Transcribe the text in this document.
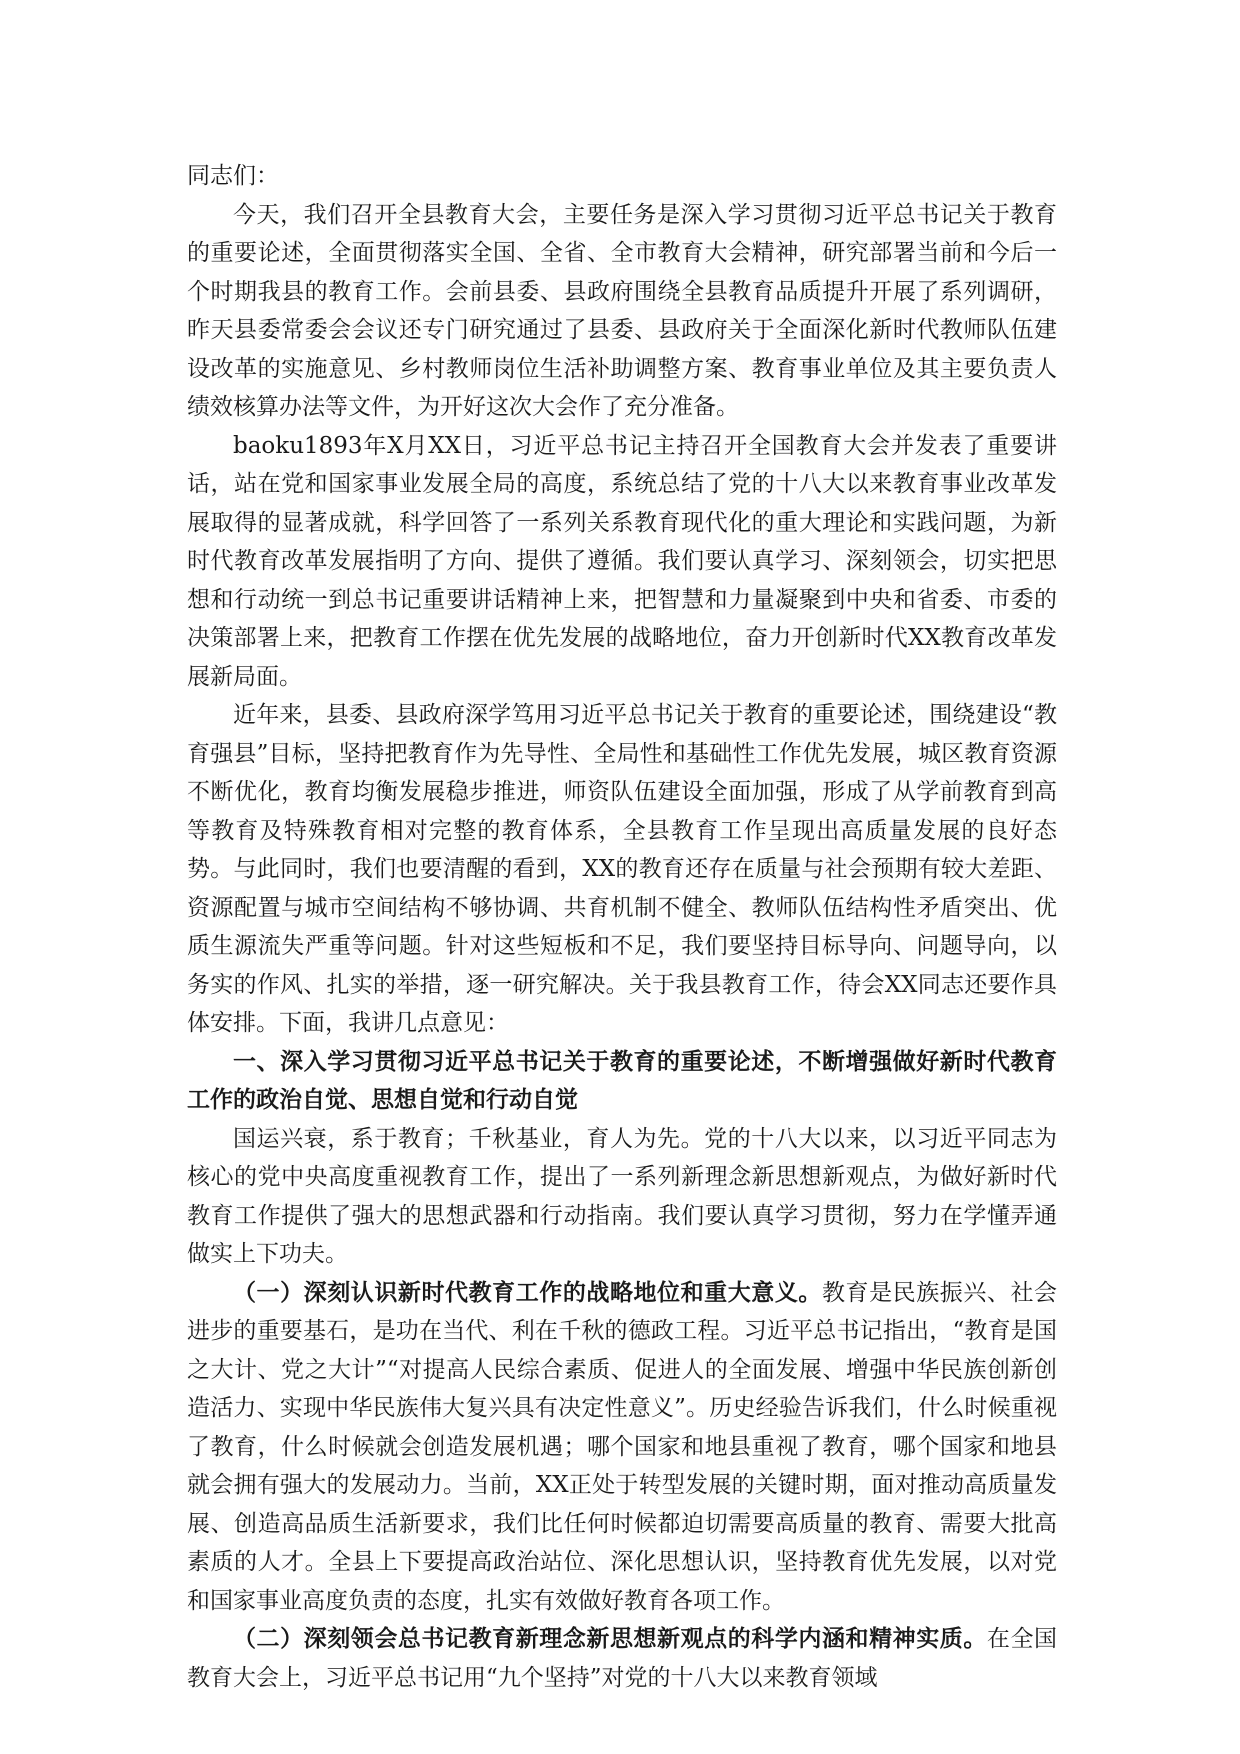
同志们：

今天，我们召开全县教育大会，主要任务是深入学习贯彻习近平总书记关于教育的重要论述，全面贯彻落实全国、全省、全市教育大会精神，研究部署当前和今后一个时期我县的教育工作。会前县委、县政府围绕全县教育品质提升开展了系列调研，昨天县委常委会会议还专门研究通过了县委、县政府关于全面深化新时代教师队伍建设改革的实施意见、乡村教师岗位生活补助调整方案、教育事业单位及其主要负责人绩效核算办法等文件，为开好这次大会作了充分准备。

baoku1893年X月XX日，习近平总书记主持召开全国教育大会并发表了重要讲话，站在党和国家事业发展全局的高度，系统总结了党的十八大以来教育事业改革发展取得的显著成就，科学回答了一系列关系教育现代化的重大理论和实践问题，为新时代教育改革发展指明了方向、提供了遵循。我们要认真学习、深刻领会，切实把思想和行动统一到总书记重要讲话精神上来，把智慧和力量凝聚到中央和省委、市委的决策部署上来，把教育工作摆在优先发展的战略地位，奋力开创新时代XX教育改革发展新局面。

近年来，县委、县政府深学笃用习近平总书记关于教育的重要论述，围绕建设“教育强县”目标，坚持把教育作为先导性、全局性和基础性工作优先发展，城区教育资源不断优化，教育均衡发展稳步推进，师资队伍建设全面加强，形成了从学前教育到高等教育及特殊教育相对完整的教育体系，全县教育工作呈现出高质量发展的良好态势。与此同时，我们也要清醒的看到，XX的教育还存在质量与社会预期有较大差距、资源配置与城市空间结构不够协调、共育机制不健全、教师队伍结构性矛盾突出、优质生源流失严重等问题。针对这些短板和不足，我们要坚持目标导向、问题导向，以务实的作风、扎实的举措，逐一研究解决。关于我县教育工作，待会XX同志还要作具体安排。下面，我讲几点意见：

一、深入学习贯彻习近平总书记关于教育的重要论述，不断增强做好新时代教育工作的政治自觉、思想自觉和行动自觉

国运兴衰，系于教育；千秋基业，育人为先。党的十八大以来，以习近平同志为核心的党中央高度重视教育工作，提出了一系列新理念新思想新观点，为做好新时代教育工作提供了强大的思想武器和行动指南。我们要认真学习贯彻，努力在学懂弄通做实上下功夫。

（一）深刻认识新时代教育工作的战略地位和重大意义。教育是民族振兴、社会进步的重要基石，是功在当代、利在千秋的德政工程。习近平总书记指出，“教育是国之大计、党之大计”“对提高人民综合素质、促进人的全面发展、增强中华民族创新创造活力、实现中华民族伟大复兴具有决定性意义”。历史经验告诉我们，什么时候重视了教育，什么时候就会创造发展机遇；哪个国家和地县重视了教育，哪个国家和地县就会拥有强大的发展动力。当前，XX正处于转型发展的关键时期，面对推动高质量发展、创造高品质生活新要求，我们比任何时候都迫切需要高质量的教育、需要大批高素质的人才。全县上下要提高政治站位、深化思想认识，坚持教育优先发展，以对党和国家事业高度负责的态度，扎实有效做好教育各项工作。

（二）深刻领会总书记教育新理念新思想新观点的科学内涵和精神实质。在全国教育大会上，习近平总书记用“九个坚持”对党的十八大以来教育领域
